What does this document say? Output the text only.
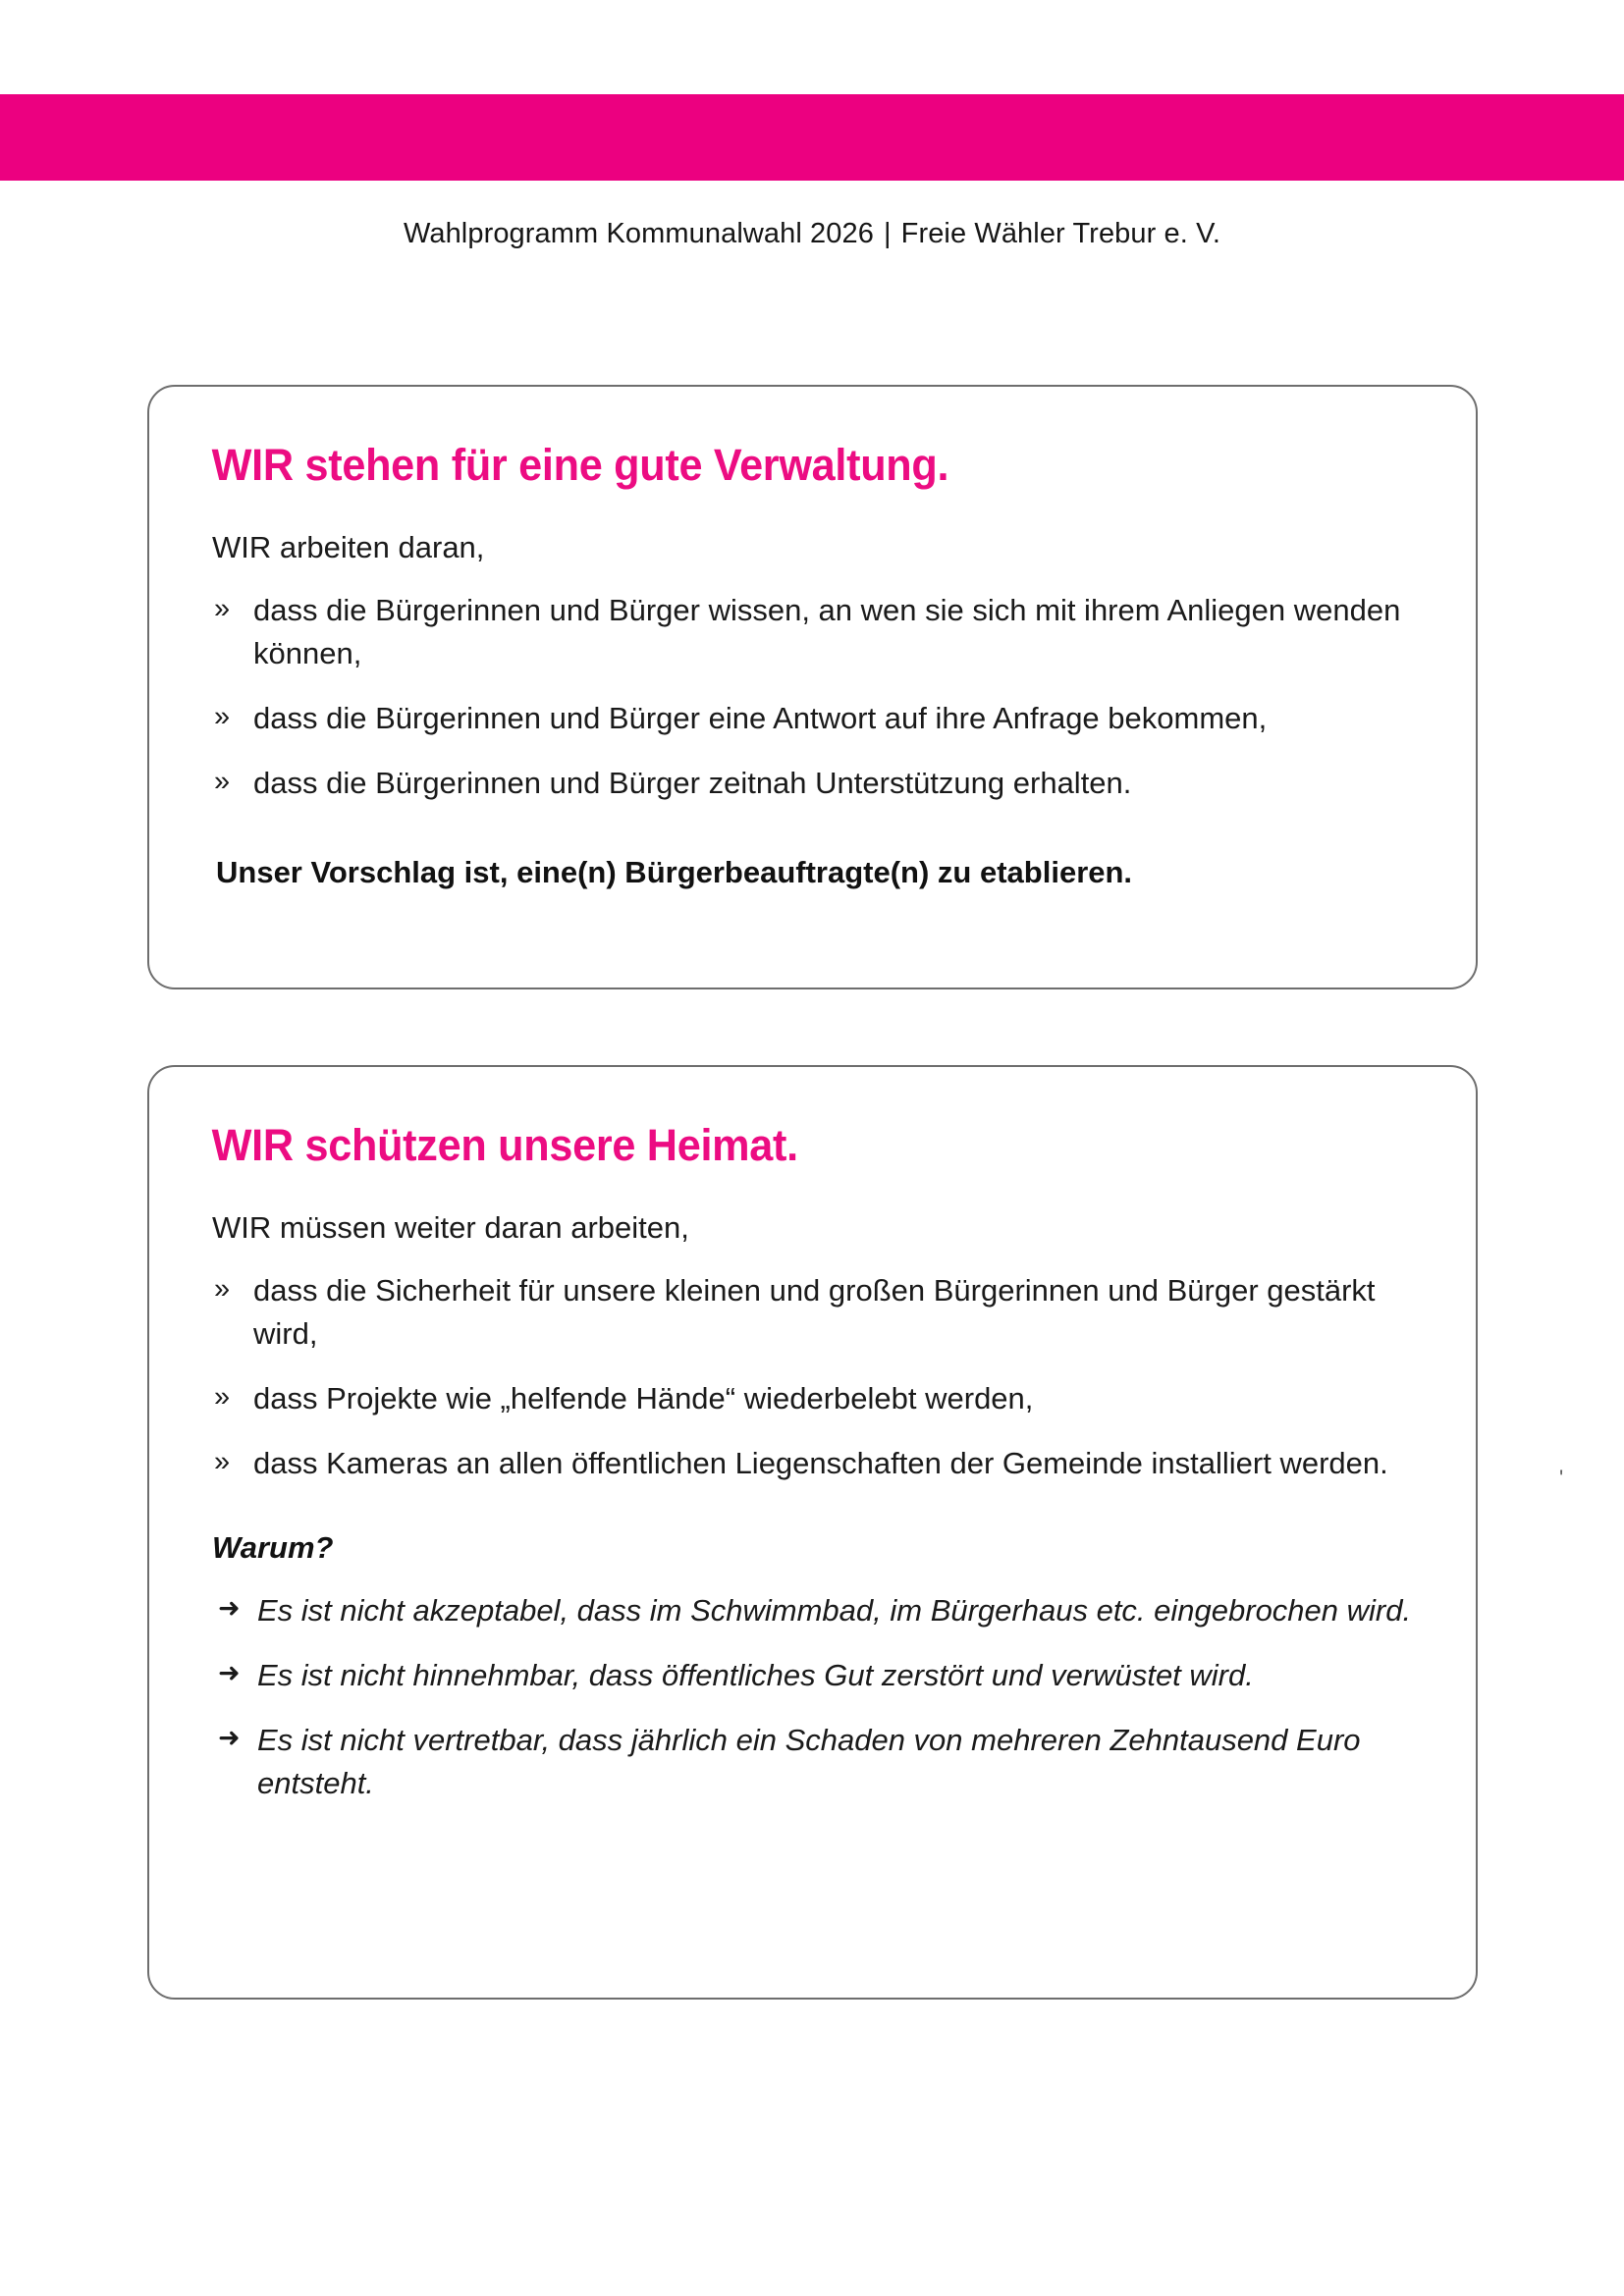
Wahlprogramm Kommunalwahl 2026 | Freie Wähler Trebur e. V.
WIR stehen für eine gute Verwaltung.

WIR arbeiten daran,

» dass die Bürgerinnen und Bürger wissen, an wen sie sich mit ihrem Anliegen wenden können,
» dass die Bürgerinnen und Bürger eine Antwort auf ihre Anfrage bekommen,
» dass die Bürgerinnen und Bürger zeitnah Unterstützung erhalten.

Unser Vorschlag ist, eine(n) Bürgerbeauftragte(n) zu etablieren.

WIR schützen unsere Heimat.

WIR müssen weiter daran arbeiten,

» dass die Sicherheit für unsere kleinen und großen Bürgerinnen und Bürger gestärkt wird,
» dass Projekte wie „helfende Hände“ wiederbelebt werden,
» dass Kameras an allen öffentlichen Liegenschaften der Gemeinde installiert werden.

Warum?

➜ Es ist nicht akzeptabel, dass im Schwimmbad, im Bürgerhaus etc. eingebrochen wird.
➜ Es ist nicht hinnehmbar, dass öffentliches Gut zerstört und verwüstet wird.
➜ Es ist nicht vertretbar, dass jährlich ein Schaden von mehreren Zehntausend Euro entsteht.
'
